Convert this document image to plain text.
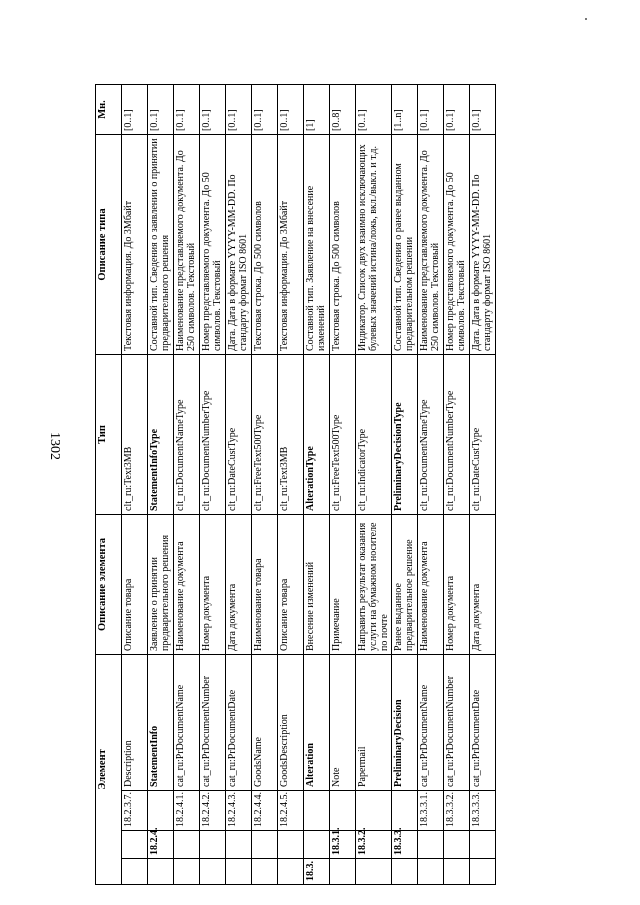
1302
Элемент				Описание элемента	Тип	Описание типа	Мн.
		18.2.3.7.	Description	Описание товара	clt_ru:Text3MB	Текстовая информация. До 3Мбайт	[0..1]
	18.2.4.		StatementInfo	Заявление о принятии предварительного решения	StatementInfoType	Составной тип. Сведения о заявлении о принятии предварительного решения	[0..1]
		18.2.4.1.	cat_ru:PrDocumentName	Наименование документа	clt_ru:DocumentNameType	Наименование представляемого документа. До 250 символов. Текстовый	[0..1]
		18.2.4.2.	cat_ru:PrDocumentNumber	Номер документа	clt_ru:DocumentNumberType	Номер представляемого документа. До 50 символов. Текстовый	[0..1]
		18.2.4.3.	cat_ru:PrDocumentDate	Дата документа	clt_ru:DateCustType	Дата. Дата в формате YYYY-MM-DD. По стандарту формат ISO 8601	[0..1]
		18.2.4.4.	GoodsName	Наименование товара	clt_ru:FreeText500Type	Текстовая строка. До 500 символов	[0..1]
		18.2.4.5.	GoodsDescription	Описание товара	clt_ru:Text3MB	Текстовая информация. До 3Мбайт	[0..1]
18.3.			Alteration	Внесение изменений	AlterationType	Составной тип. Заявление на внесение изменений	[1]
	18.3.1.		Note	Примечание	clt_ru:FreeText500Type	Текстовая строка. До 500 символов	[0..8]
	18.3.2.		Papermail	Направить результат оказания услуги на бумажном носителе по почте	clt_ru:IndicatorType	Индикатор. Список двух взаимно исключающих булевых значений истина/ложь, вкл./выкл. и т.д.	[0..1]
	18.3.3.		PreliminaryDecision	Ранее выданное предварительное решение	PreliminaryDecisionType	Составной тип. Сведения о ранее выданном предварительном решении	[1..n]
		18.3.3.1.	cat_ru:PrDocumentName	Наименование документа	clt_ru:DocumentNameType	Наименование представляемого документа. До 250 символов. Текстовый	[0..1]
		18.3.3.2.	cat_ru:PrDocumentNumber	Номер документа	clt_ru:DocumentNumberType	Номер представляемого документа. До 50 символов. Текстовый	[0..1]
		18.3.3.3.	cat_ru:PrDocumentDate	Дата документа	clt_ru:DateCustType	Дата. Дата в формате YYYY-MM-DD. По стандарту формат ISO 8601	[0..1]
